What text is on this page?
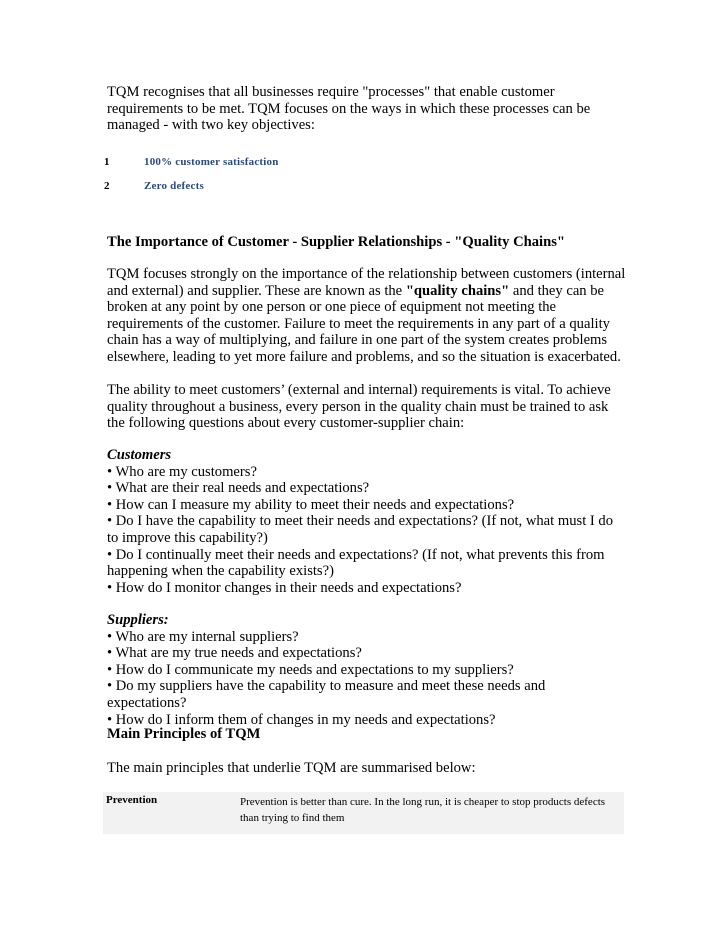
TQM recognises that all businesses require "processes" that enable customer requirements to be met. TQM focuses on the ways in which these processes can be managed - with two key objectives:

1	100% customer satisfaction
2	Zero defects
The Importance of Customer - Supplier Relationships - "Quality Chains"

TQM focuses strongly on the importance of the relationship between customers (internal and external) and supplier. These are known as the "quality chains" and they can be broken at any point by one person or one piece of equipment not meeting the requirements of the customer. Failure to meet the requirements in any part of a quality chain has a way of multiplying, and failure in one part of the system creates problems elsewhere, leading to yet more failure and problems, and so the situation is exacerbated.

The ability to meet customers’ (external and internal) requirements is vital. To achieve quality throughout a business, every person in the quality chain must be trained to ask the following questions about every customer-supplier chain:

Customers
• Who are my customers?
• What are their real needs and expectations?
• How can I measure my ability to meet their needs and expectations?
• Do I have the capability to meet their needs and expectations? (If not, what must I do to improve this capability?)
• Do I continually meet their needs and expectations? (If not, what prevents this from happening when the capability exists?)
• How do I monitor changes in their needs and expectations?
Suppliers:
• Who are my internal suppliers?
• What are my true needs and expectations?
• How do I communicate my needs and expectations to my suppliers?
• Do my suppliers have the capability to measure and meet these needs and expectations?
• How do I inform them of changes in my needs and expectations?
Main Principles of TQM

The main principles that underlie TQM are summarised below:

Prevention	Prevention is better than cure. In the long run, it is cheaper to stop products defects than trying to find them
